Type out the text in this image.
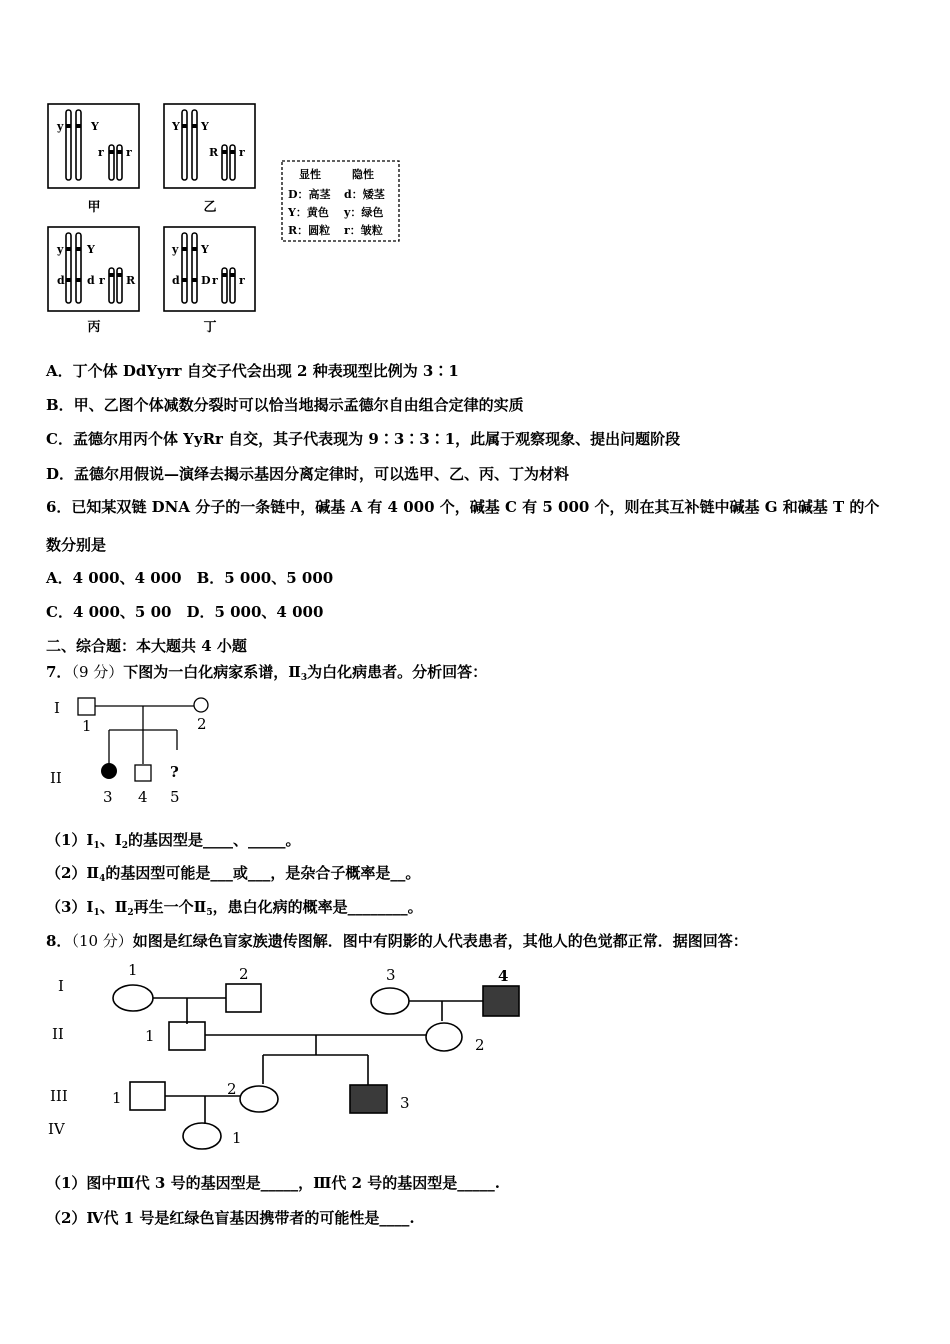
y	Y
r r
Y Y
R r
y Y
d d r R
y Y
d D r r
甲	乙
丙	丁
显性	隐性
D：高茎 d：矮茎
Y：黄色 y：绿色
R：圆粒 r：皱粒
A．丁个体 DdYyrr 自交子代会出现 2 种表现型比例为 3∶1
B．甲、乙图个体减数分裂时可以恰当地揭示孟德尔自由组合定律的实质
C．孟德尔用丙个体 YyRr 自交，其子代表现为 9∶3∶3∶1，此属于观察现象、提出问题阶段
D．孟德尔用假说—演绎去揭示基因分离定律时，可以选甲、乙、丙、丁为材料
6．已知某双链 DNA 分子的一条链中，碱基 A 有 4 000 个，碱基 C 有 5 000 个，则在其互补链中碱基 G 和碱基 T 的个
数分别是
A．4 000、4 000　B．5 000、5 000
C．4 000、5 00　D．5 000、4 000
二、综合题：本大题共 4 小题
7．（9 分）下图为一白化病家系谱，$Ⅱ_3$为白化病患者。分析回答：
I
II
1	2
3 4 5
?
$(1)Ⅰ_1$、$Ⅰ_2$的基因型是____、_____。
$(2)Ⅱ_4$的基因型可能是___或___，是杂合子概率是__。
$(3)Ⅰ_1$、$Ⅱ_2$再生一个$Ⅱ_5$，患白化病的概率是________。
8．（10 分）如图是红绿色盲家族遗传图解．图中有阴影的人代表患者，其他人的色觉都正常．据图回答：
I
II
III
IV
1	2	3	4
1	2
1	2
3
1
（1）图中Ⅲ代 3 号的基因型是_____，Ⅲ代 2 号的基因型是_____.
（2）Ⅳ代 1 号是红绿色盲基因携带者的可能性是____.
